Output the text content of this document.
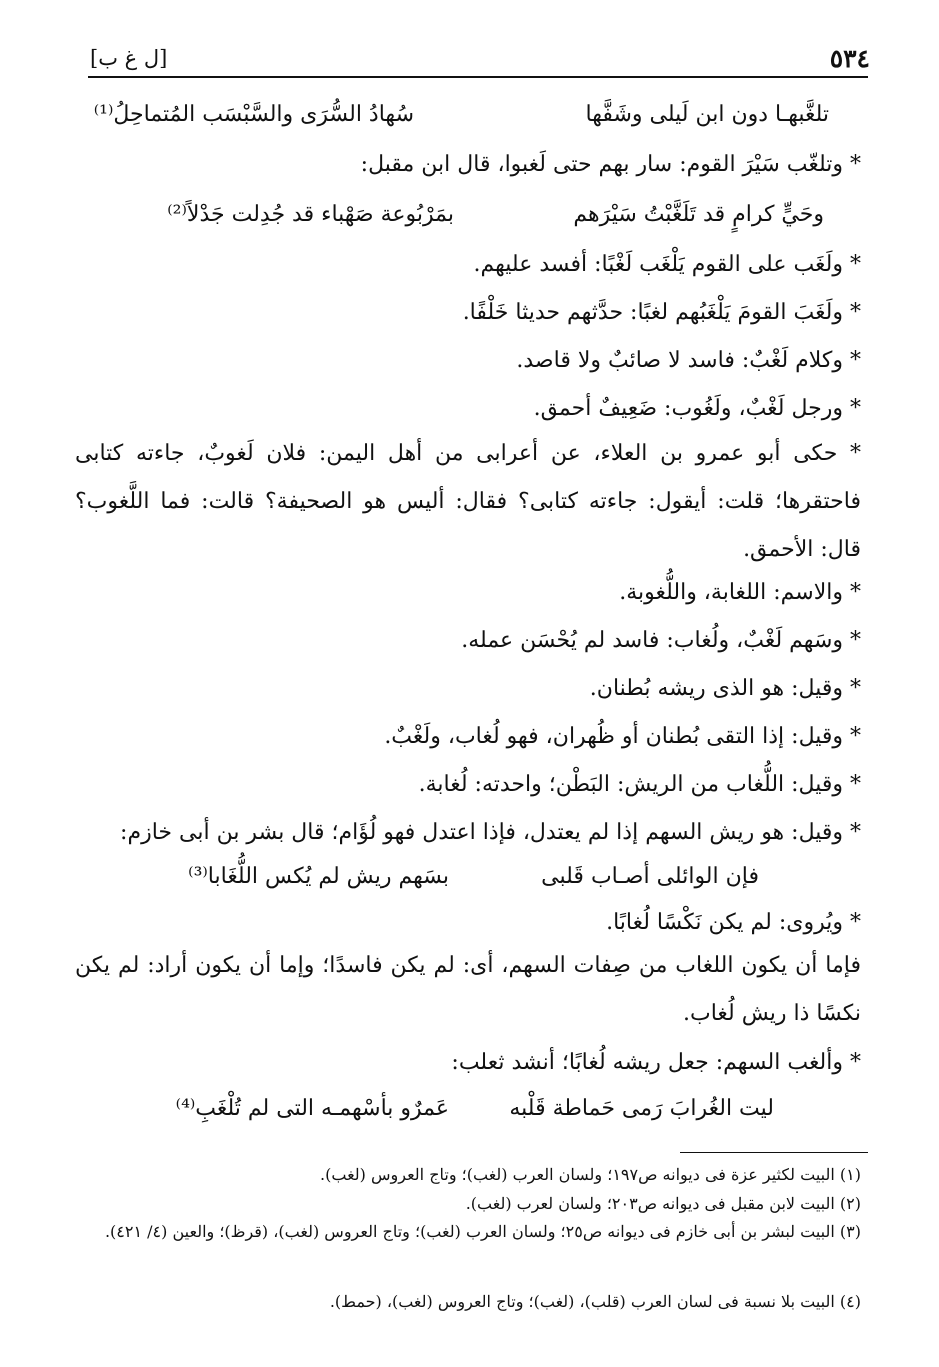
٥٣٤
[ل غ ب]
تلغَّبهـا دون ابن لَيلى وشَفَّها
سُهادُ السُّرَى والسَّبْسَب المُتماحِلُ⁽¹⁾
* وتلغّب سَيْرَ القوم: سار بهم حتى لَغبوا، قال ابن مقبل:
وحَيٍّ كرامٍ قد تَلَغَّبْتُ سَيْرَهم
بمَرْبُوعة صَهْباء قد جُدِلت جَدْلاً⁽²⁾
* ولَغَب على القوم يَلْغَب لَغْبًا: أفسد عليهم.
* ولَغَبَ القومَ يَلْغَبُهم لغبًا: حدَّثهم حديثا خَلْفًا.
* وكلام لَغْبٌ: فاسد لا صائبٌ ولا قاصد.
* ورجل لَغْبٌ، ولَغُوب: ضَعِيفٌ أحمق.
* حكى أبو عمرو بن العلاء، عن أعرابى من أهل اليمن: فلان لَغوبٌ، جاءته كتابى فاحتقرها؛ قلت: أيقول: جاءته كتابى؟ فقال: أليس هو الصحيفة؟ قالت: فما اللَّغوب؟ قال: الأحمق.
* والاسم: اللغابة، واللُّغوبة.
* وسَهم لَغْبٌ، ولُغاب: فاسد لم يُحْسَن عمله.
* وقيل: هو الذى ريشه بُطنان.
* وقيل: إذا التقى بُطنان أو ظُهران، فهو لُغاب، ولَغْبٌ.
* وقيل: اللُّغاب من الريش: البَطْن؛ واحدته: لُغابة.
* وقيل: هو ريش السهم إذا لم يعتدل، فإذا اعتدل فهو لُؤَام؛ قال بشر بن أبى خازم:
فإن الوائلى أصـاب قَلبى
بسَهم ريش لم يُكس اللُّغَابا⁽³⁾
* ويُروى: لم يكن نَكْسًا لُغابًا.
فإما أن يكون اللغاب من صِفات السهم، أى: لم يكن فاسدًا؛ وإما أن يكون أراد: لم يكن نكسًا ذا ريش لُغاب.
* وألغب السهم: جعل ريشه لُغابًا؛ أنشد ثعلب:
ليت الغُرابَ رَمى حَماطة قَلْبه
عَمرٌو بأسْهمـه التى لم تُلْغَبِ⁽⁴⁾
(١) البيت لكثير عزة فى ديوانه ص١٩٧؛ ولسان العرب (لغب)؛ وتاج العروس (لغب).
(٢) البيت لابن مقبل فى ديوانه ص٢٠٣؛ ولسان لعرب (لغب).
(٣) البيت لبشر بن أبى خازم فى ديوانه ص٢٥؛ ولسان العرب (لغب)؛ وتاج العروس (لغب)، (قرظ)؛ والعين (٤/ ٤٢١).
(٤) البيت بلا نسبة فى لسان العرب (قلب)، (لغب)؛ وتاج العروس (لغب)، (حمط).
